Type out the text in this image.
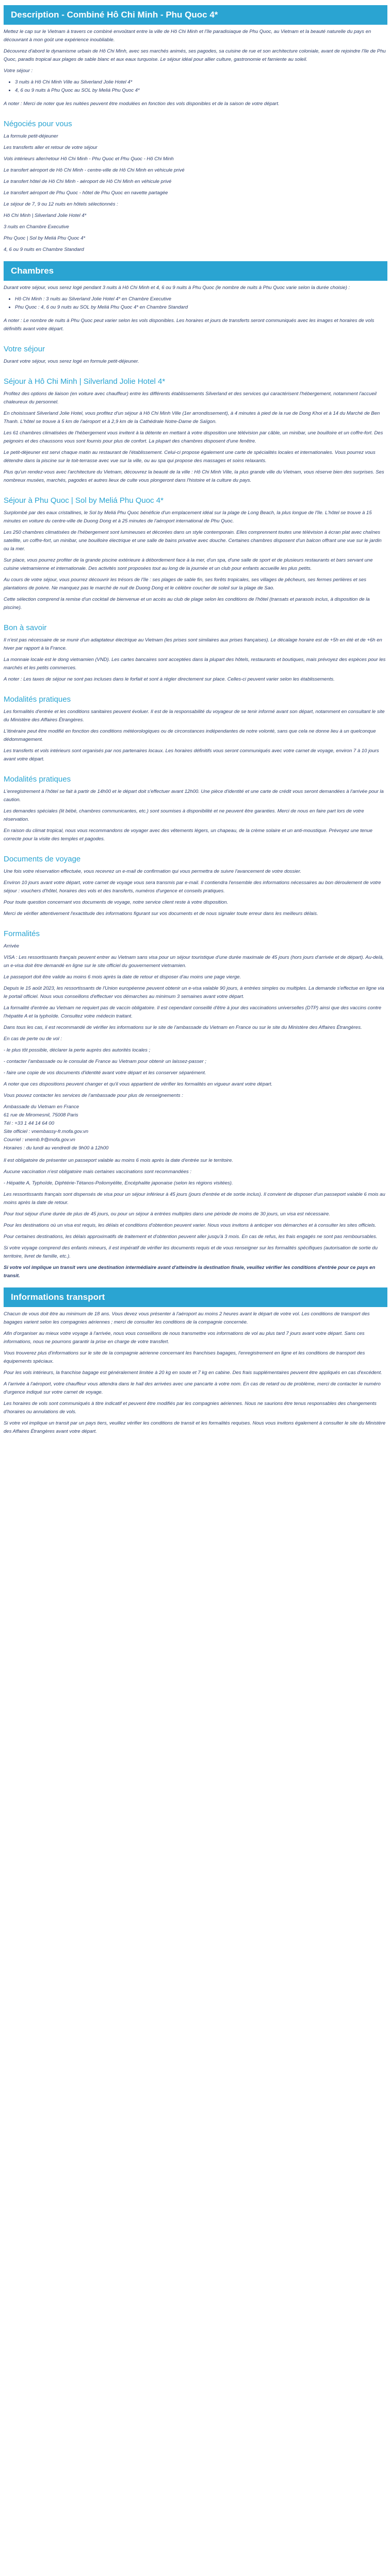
Description - Combiné Hô Chi Minh - Phu Quoc 4*

Mettez le cap sur le Vietnam à travers ce combiné envoûtant entre la ville de Hô Chi Minh et l'île paradisiaque de Phu Quoc, au Vietnam et la beauté naturelle du pays en découvrant à mon goût une expérience inoubliable.

Découvrez d'abord le dynamisme urbain de Hô Chi Minh, avec ses marchés animés, ses pagodes, sa cuisine de rue et son architecture coloniale, avant de rejoindre l'île de Phu Quoc, paradis tropical aux plages de sable blanc et aux eaux turquoise. Le séjour idéal pour allier culture, gastronomie et farniente au soleil.

Votre séjour :

• 3 nuits à Hô Chi Minh Ville au Silverland Jolie Hotel 4*
• 4, 6 ou 9 nuits à Phu Quoc au SOL by Meliá Phu Quoc 4*

A noter : Merci de noter que les nuitées peuvent être modulées en fonction des vols disponibles et de la saison de votre départ.

Négociés pour vous

La formule petit-déjeuner

Les transferts aller et retour de votre séjour

Vols intérieurs aller/retour Hô Chi Minh - Phu Quoc et Phu Quoc - Hô Chi Minh

Le transfert aéroport de Hô Chi Minh - centre-ville de Hô Chi Minh en véhicule privé

Le transfert hôtel de Hô Chi Minh - aéroport de Hô Chi Minh en véhicule privé

Le transfert aéroport de Phu Quoc - hôtel de Phu Quoc en navette partagée

Le séjour de 7, 9 ou 12 nuits en hôtels sélectionnés :

Hô Chi Minh | Silverland Jolie Hotel 4*

3 nuits en Chambre Executive

Phu Quoc | Sol by Meliá Phu Quoc 4*

4, 6 ou 9 nuits en Chambre Standard

Chambres

Durant votre séjour, vous serez logé pendant 3 nuits à Hô Chi Minh et 4, 6 ou 9 nuits à Phu Quoc (le nombre de nuits à Phu Quoc varie selon la durée choisie) :

• Hô Chi Minh : 3 nuits au Silverland Jolie Hotel 4* en Chambre Executive
• Phu Quoc : 4, 6 ou 9 nuits au SOL by Meliá Phu Quoc 4* en Chambre Standard

A noter : Le nombre de nuits à Phu Quoc peut varier selon les vols disponibles. Les horaires et jours de transferts seront communiqués avec les images et horaires de vols définitifs avant votre départ.

Votre séjour

Durant votre séjour, vous serez logé en formule petit-déjeuner.

Séjour à Hô Chi Minh | Silverland Jolie Hotel 4*

Profitez des options de liaison (en voiture avec chauffeur) entre les différents établissements Silverland et des services qui caractérisent l'hébergement, notamment l'accueil chaleureux du personnel.

En choisissant Silverland Jolie Hotel, vous profitez d'un séjour à Hô Chi Minh Ville (1er arrondissement), à 4 minutes à pied de la rue de Dong Khoi et à 14 du Marché de Ben Thanh. L'hôtel se trouve à 5 km de l'aéroport et à 2,9 km de la Cathédrale Notre-Dame de Saïgon.

Les 61 chambres climatisées de l'hébergement vous invitent à la détente en mettant à votre disposition une télévision par câble, un minibar, une bouilloire et un coffre-fort. Des peignoirs et des chaussons vous sont fournis pour plus de confort. La plupart des chambres disposent d'une fenêtre.

Le petit-déjeuner est servi chaque matin au restaurant de l'établissement. Celui-ci propose également une carte de spécialités locales et internationales. Vous pourrez vous détendre dans la piscine sur le toit-terrasse avec vue sur la ville, ou au spa qui propose des massages et soins relaxants.

Plus qu'un rendez-vous avec l'architecture du Vietnam, découvrez la beauté de la ville : Hô Chi Minh Ville, la plus grande ville du Vietnam, vous réserve bien des surprises. Ses nombreux musées, marchés, pagodes et autres lieux de culte vous plongeront dans l'histoire et la culture du pays.

Séjour à Phu Quoc | Sol by Meliá Phu Quoc 4*

Surplombé par des eaux cristallines, le Sol by Meliá Phu Quoc bénéficie d'un emplacement idéal sur la plage de Long Beach, la plus longue de l'île. L'hôtel se trouve à 15 minutes en voiture du centre-ville de Duong Dong et à 25 minutes de l'aéroport international de Phu Quoc.

Les 250 chambres climatisées de l'hébergement sont lumineuses et décorées dans un style contemporain. Elles comprennent toutes une télévision à écran plat avec chaînes satellite, un coffre-fort, un minibar, une bouilloire électrique et une salle de bains privative avec douche. Certaines chambres disposent d'un balcon offrant une vue sur le jardin ou la mer.

Sur place, vous pourrez profiter de la grande piscine extérieure à débordement face à la mer, d'un spa, d'une salle de sport et de plusieurs restaurants et bars servant une cuisine vietnamienne et internationale. Des activités sont proposées tout au long de la journée et un club pour enfants accueille les plus petits.

Au cours de votre séjour, vous pourrez découvrir les trésors de l'île : ses plages de sable fin, ses forêts tropicales, ses villages de pêcheurs, ses fermes perlières et ses plantations de poivre. Ne manquez pas le marché de nuit de Duong Dong et le célèbre coucher de soleil sur la plage de Sao.

Cette sélection comprend la remise d'un cocktail de bienvenue et un accès au club de plage selon les conditions de l'hôtel (transats et parasols inclus, à disposition de la piscine).

Bon à savoir

Il n'est pas nécessaire de se munir d'un adaptateur électrique au Vietnam (les prises sont similaires aux prises françaises). Le décalage horaire est de +5h en été et de +6h en hiver par rapport à la France.

La monnaie locale est le dong vietnamien (VND). Les cartes bancaires sont acceptées dans la plupart des hôtels, restaurants et boutiques, mais prévoyez des espèces pour les marchés et les petits commerces.

A noter : Les taxes de séjour ne sont pas incluses dans le forfait et sont à régler directement sur place. Celles-ci peuvent varier selon les établissements.

Modalités pratiques

Les formalités d'entrée et les conditions sanitaires peuvent évoluer. Il est de la responsabilité du voyageur de se tenir informé avant son départ, notamment en consultant le site du Ministère des Affaires Étrangères.

L'itinéraire peut être modifié en fonction des conditions météorologiques ou de circonstances indépendantes de notre volonté, sans que cela ne donne lieu à un quelconque dédommagement.

Les transferts et vols intérieurs sont organisés par nos partenaires locaux. Les horaires définitifs vous seront communiqués avec votre carnet de voyage, environ 7 à 10 jours avant votre départ.

Modalités pratiques

L'enregistrement à l'hôtel se fait à partir de 14h00 et le départ doit s'effectuer avant 12h00. Une pièce d'identité et une carte de crédit vous seront demandées à l'arrivée pour la caution.

Les demandes spéciales (lit bébé, chambres communicantes, etc.) sont soumises à disponibilité et ne peuvent être garanties. Merci de nous en faire part lors de votre réservation.

En raison du climat tropical, nous vous recommandons de voyager avec des vêtements légers, un chapeau, de la crème solaire et un anti-moustique. Prévoyez une tenue correcte pour la visite des temples et pagodes.

Documents de voyage

Une fois votre réservation effectuée, vous recevrez un e-mail de confirmation qui vous permettra de suivre l'avancement de votre dossier.

Environ 10 jours avant votre départ, votre carnet de voyage vous sera transmis par e-mail. Il contiendra l'ensemble des informations nécessaires au bon déroulement de votre séjour : vouchers d'hôtel, horaires des vols et des transferts, numéros d'urgence et conseils pratiques.

Pour toute question concernant vos documents de voyage, notre service client reste à votre disposition.

Merci de vérifier attentivement l'exactitude des informations figurant sur vos documents et de nous signaler toute erreur dans les meilleurs délais.

Formalités

Arrivée

VISA : Les ressortissants français peuvent entrer au Vietnam sans visa pour un séjour touristique d'une durée maximale de 45 jours (hors jours d'arrivée et de départ). Au-delà, un e-visa doit être demandé en ligne sur le site officiel du gouvernement vietnamien.

Le passeport doit être valide au moins 6 mois après la date de retour et disposer d'au moins une page vierge.

Depuis le 15 août 2023, les ressortissants de l'Union européenne peuvent obtenir un e-visa valable 90 jours, à entrées simples ou multiples. La demande s'effectue en ligne via le portail officiel. Nous vous conseillons d'effectuer vos démarches au minimum 3 semaines avant votre départ.

La formalité d'entrée au Vietnam ne requiert pas de vaccin obligatoire. Il est cependant conseillé d'être à jour des vaccinations universelles (DTP) ainsi que des vaccins contre l'hépatite A et la typhoïde. Consultez votre médecin traitant.

Dans tous les cas, il est recommandé de vérifier les informations sur le site de l'ambassade du Vietnam en France ou sur le site du Ministère des Affaires Étrangères.

En cas de perte ou de vol :

- le plus tôt possible, déclarer la perte auprès des autorités locales ;

- contacter l'ambassade ou le consulat de France au Vietnam pour obtenir un laissez-passer ;

- faire une copie de vos documents d'identité avant votre départ et les conserver séparément.

A noter que ces dispositions peuvent changer et qu'il vous appartient de vérifier les formalités en vigueur avant votre départ.

Vous pouvez contacter les services de l'ambassade pour plus de renseignements :

Ambassade du Vietnam en France

61 rue de Miromesnil, 75008 Paris

Tél : +33 1 44 14 64 00

Site officiel : vnembassy-fr.mofa.gov.vn

Courriel : vnemb.fr@mofa.gov.vn

Horaires : du lundi au vendredi de 9h00 à 12h00

Il est obligatoire de présenter un passeport valable au moins 6 mois après la date d'entrée sur le territoire.

Aucune vaccination n'est obligatoire mais certaines vaccinations sont recommandées :

- Hépatite A, Typhoïde, Diphtérie-Tétanos-Poliomyélite, Encéphalite japonaise (selon les régions visitées).

Les ressortissants français sont dispensés de visa pour un séjour inférieur à 45 jours (jours d'entrée et de sortie inclus). Il convient de disposer d'un passeport valable 6 mois au moins après la date de retour.

Pour tout séjour d'une durée de plus de 45 jours, ou pour un séjour à entrées multiples dans une période de moins de 30 jours, un visa est nécessaire.

Pour les destinations où un visa est requis, les délais et conditions d'obtention peuvent varier. Nous vous invitons à anticiper vos démarches et à consulter les sites officiels.

Pour certaines destinations, les délais approximatifs de traitement et d'obtention peuvent aller jusqu'à 3 mois. En cas de refus, les frais engagés ne sont pas remboursables.

Si votre voyage comprend des enfants mineurs, il est impératif de vérifier les documents requis et de vous renseigner sur les formalités spécifiques (autorisation de sortie du territoire, livret de famille, etc.).

Si votre vol implique un transit vers une destination intermédiaire avant d'atteindre la destination finale, veuillez vérifier les conditions d'entrée pour ce pays en transit.

Informations transport

Chacun de vous doit être au minimum de 18 ans. Vous devez vous présenter à l'aéroport au moins 2 heures avant le départ de votre vol. Les conditions de transport des bagages varient selon les compagnies aériennes ; merci de consulter les conditions de la compagnie concernée.

Afin d'organiser au mieux votre voyage à l'arrivée, nous vous conseillons de nous transmettre vos informations de vol au plus tard 7 jours avant votre départ. Sans ces informations, nous ne pourrons garantir la prise en charge de votre transfert.

Vous trouverez plus d'informations sur le site de la compagnie aérienne concernant les franchises bagages, l'enregistrement en ligne et les conditions de transport des équipements spéciaux.

Pour les vols intérieurs, la franchise bagage est généralement limitée à 20 kg en soute et 7 kg en cabine. Des frais supplémentaires peuvent être appliqués en cas d'excédent.

A l'arrivée à l'aéroport, votre chauffeur vous attendra dans le hall des arrivées avec une pancarte à votre nom. En cas de retard ou de problème, merci de contacter le numéro d'urgence indiqué sur votre carnet de voyage.

Les horaires de vols sont communiqués à titre indicatif et peuvent être modifiés par les compagnies aériennes. Nous ne saurions être tenus responsables des changements d'horaires ou annulations de vols.

Si votre vol implique un transit par un pays tiers, veuillez vérifier les conditions de transit et les formalités requises. Nous vous invitons également à consulter le site du Ministère des Affaires Étrangères avant votre départ.
